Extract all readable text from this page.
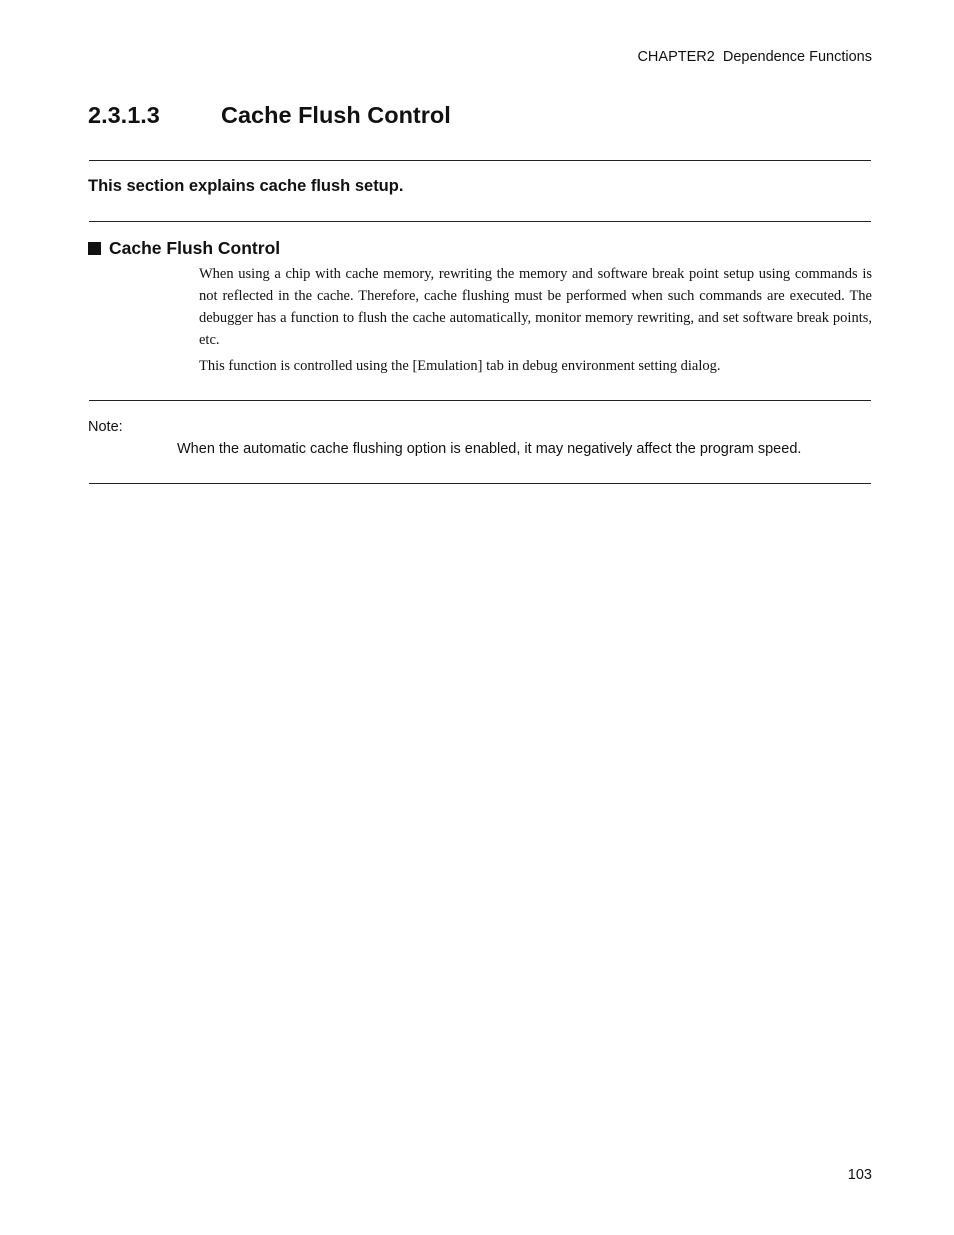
CHAPTER2  Dependence Functions
2.3.1.3	Cache Flush Control

This section explains cache flush setup.

Cache Flush Control

When using a chip with cache memory, rewriting the memory and software break point setup using commands is not reflected in the cache. Therefore, cache flushing must be performed when such commands are executed. The debugger has a function to flush the cache automatically, monitor memory rewriting, and set software break points, etc.

This function is controlled using the [Emulation] tab in debug environment setting dialog.

Note:

When the automatic cache flushing option is enabled, it may negatively affect the program speed.

103
